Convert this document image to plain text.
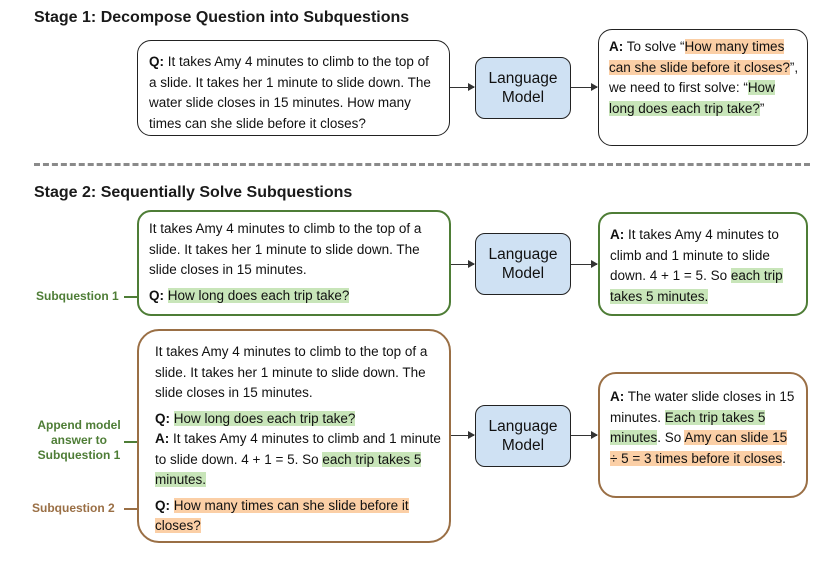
Stage 1: Decompose Question into Subquestions

Q: It takes Amy 4 minutes to climb to the top of a slide. It takes her 1 minute to slide down. The water slide closes in 15 minutes. How many times can she slide before it closes?

Language
Model

A: To solve “How many times can she slide before it closes?”, we need to first solve: “How long does each trip take?”

Stage 2: Sequentially Solve Subquestions

It takes Amy 4 minutes to climb to the top of a slide. It takes her 1 minute to slide down. The slide closes in 15 minutes.

Q: How long does each trip take?

Subquestion 1
Language
Model

A: It takes Amy 4 minutes to climb and 1 minute to slide down. 4 + 1 = 5. So each trip takes 5 minutes.

It takes Amy 4 minutes to climb to the top of a slide. It takes her 1 minute to slide down. The slide closes in 15 minutes.

Q: How long does each trip take?

A: It takes Amy 4 minutes to climb and 1 minute to slide down. 4 + 1 = 5. So each trip takes 5 minutes.

Q: How many times can she slide before it closes?

Append model
answer to
Subquestion 1
Subquestion 2
Language
Model

A: The water slide closes in 15 minutes. Each trip takes 5 minutes. So Amy can slide 15 ÷ 5 = 3 times before it closes.
